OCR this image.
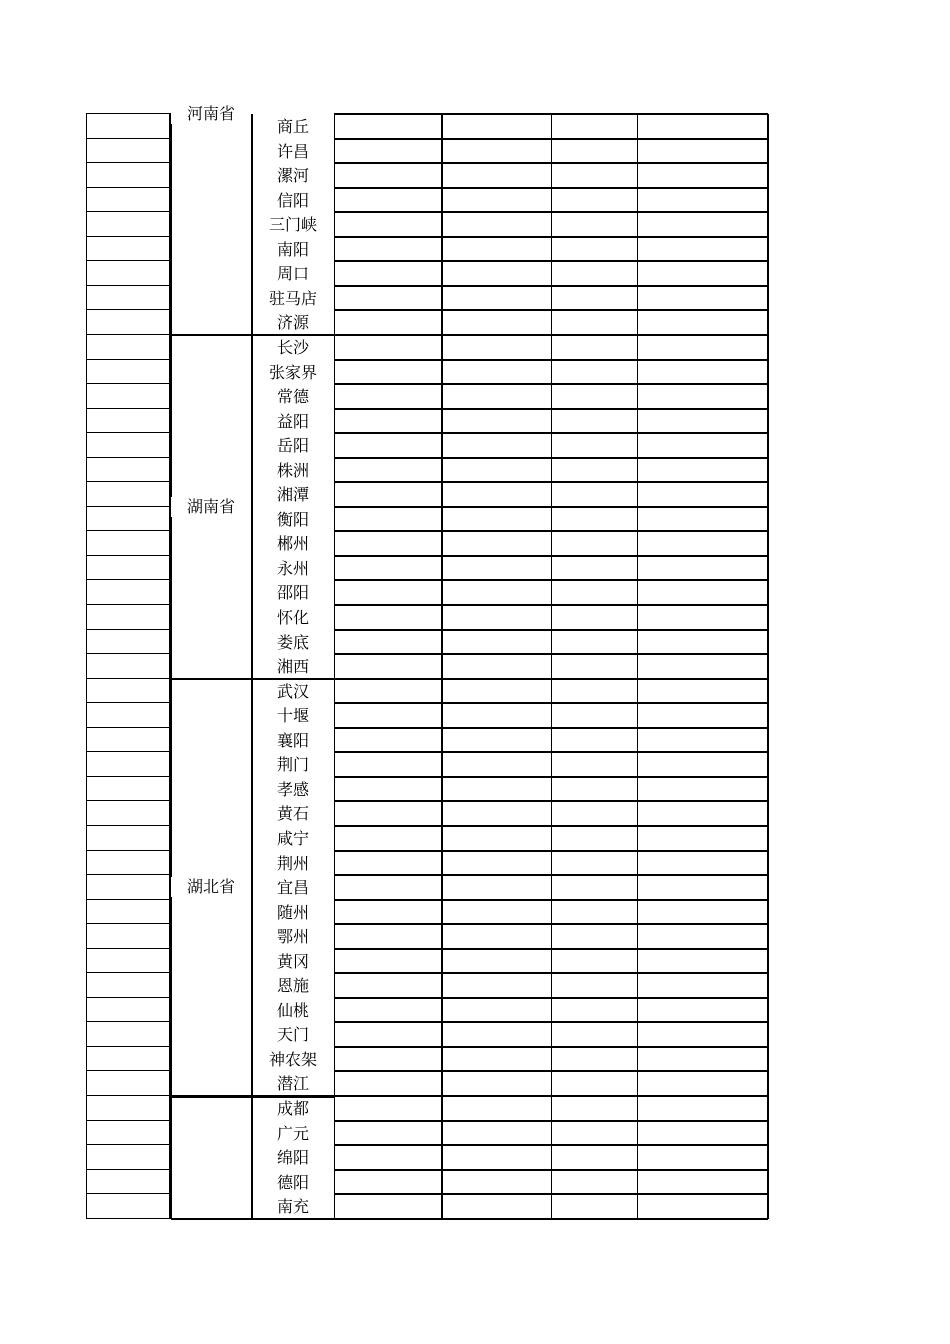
河南省
商丘
许昌
漯河
信阳
三门峡
南阳
周口
驻马店
济源
湖南省
长沙
张家界
常德
益阳
岳阳
株洲
湘潭
衡阳
郴州
永州
邵阳
怀化
娄底
湘西
湖北省
武汉
十堰
襄阳
荆门
孝感
黄石
咸宁
荆州
宜昌
随州
鄂州
黄冈
恩施
仙桃
天门
神农架
潜江
成都
广元
绵阳
德阳
南充
